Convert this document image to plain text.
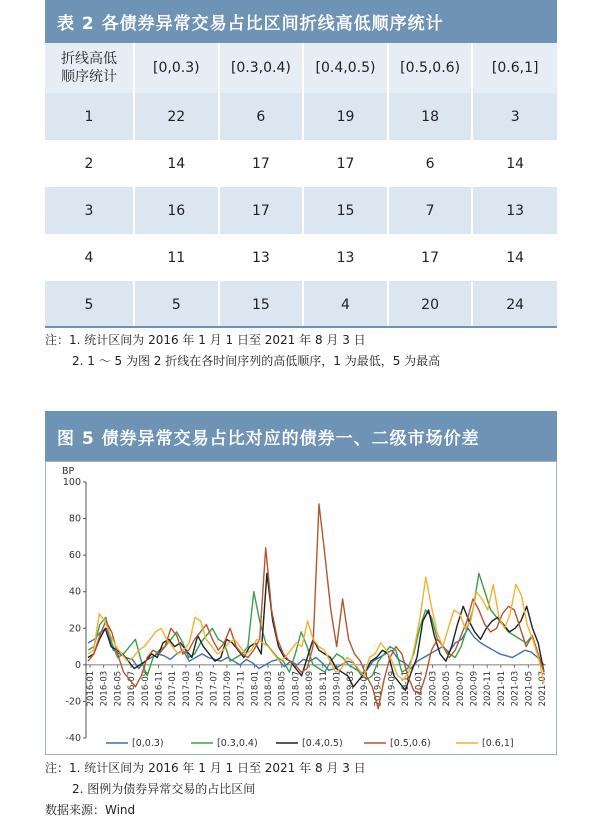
表 2 各债券异常交易占比区间折线高低顺序统计
折线高低
顺序统计	[0,0.3)	[0.3,0.4)	[0.4,0.5)	[0.5,0.6)	[0.6,1]
1	22	6	19	18	3
2	14	17	17	6	14
3	16	17	15	7	13
4	11	13	13	17	14
5	5	15	4	20	24
注：1. 统计区间为 2016 年 1 月 1 日至 2021 年 8 月 3 日
2. 1 ～ 5 为图 2 折线在各时间序列的高低顺序，1 为最低，5 为最高
图 5 债券异常交易占比对应的债券一、二级市场价差
BP
-40
-20
0
20
40
60
80
100
2016-01 2016-03 2016-05 2016-07 2016-09 2016-11 2017-01 2017-03 2017-05 2017-07 2017-09 2017-11 2018-01 2018-03 2018-05 2018-07 2018-09 2018-11 2019-01 2019-03 2019-05 2019-07 2019-09 2019-11 2020-01 2020-03 2020-05 2020-07 2020-09 2020-11 2021-01 2021-03 2021-05 2021-07
[0,0.3)	[0.3,0.4)	[0.4,0.5)	[0.5,0.6)	[0.6,1]
注：1. 统计区间为 2016 年 1 月 1 日至 2021 年 8 月 3 日
2. 图例为债券异常交易的占比区间
数据来源：Wind
